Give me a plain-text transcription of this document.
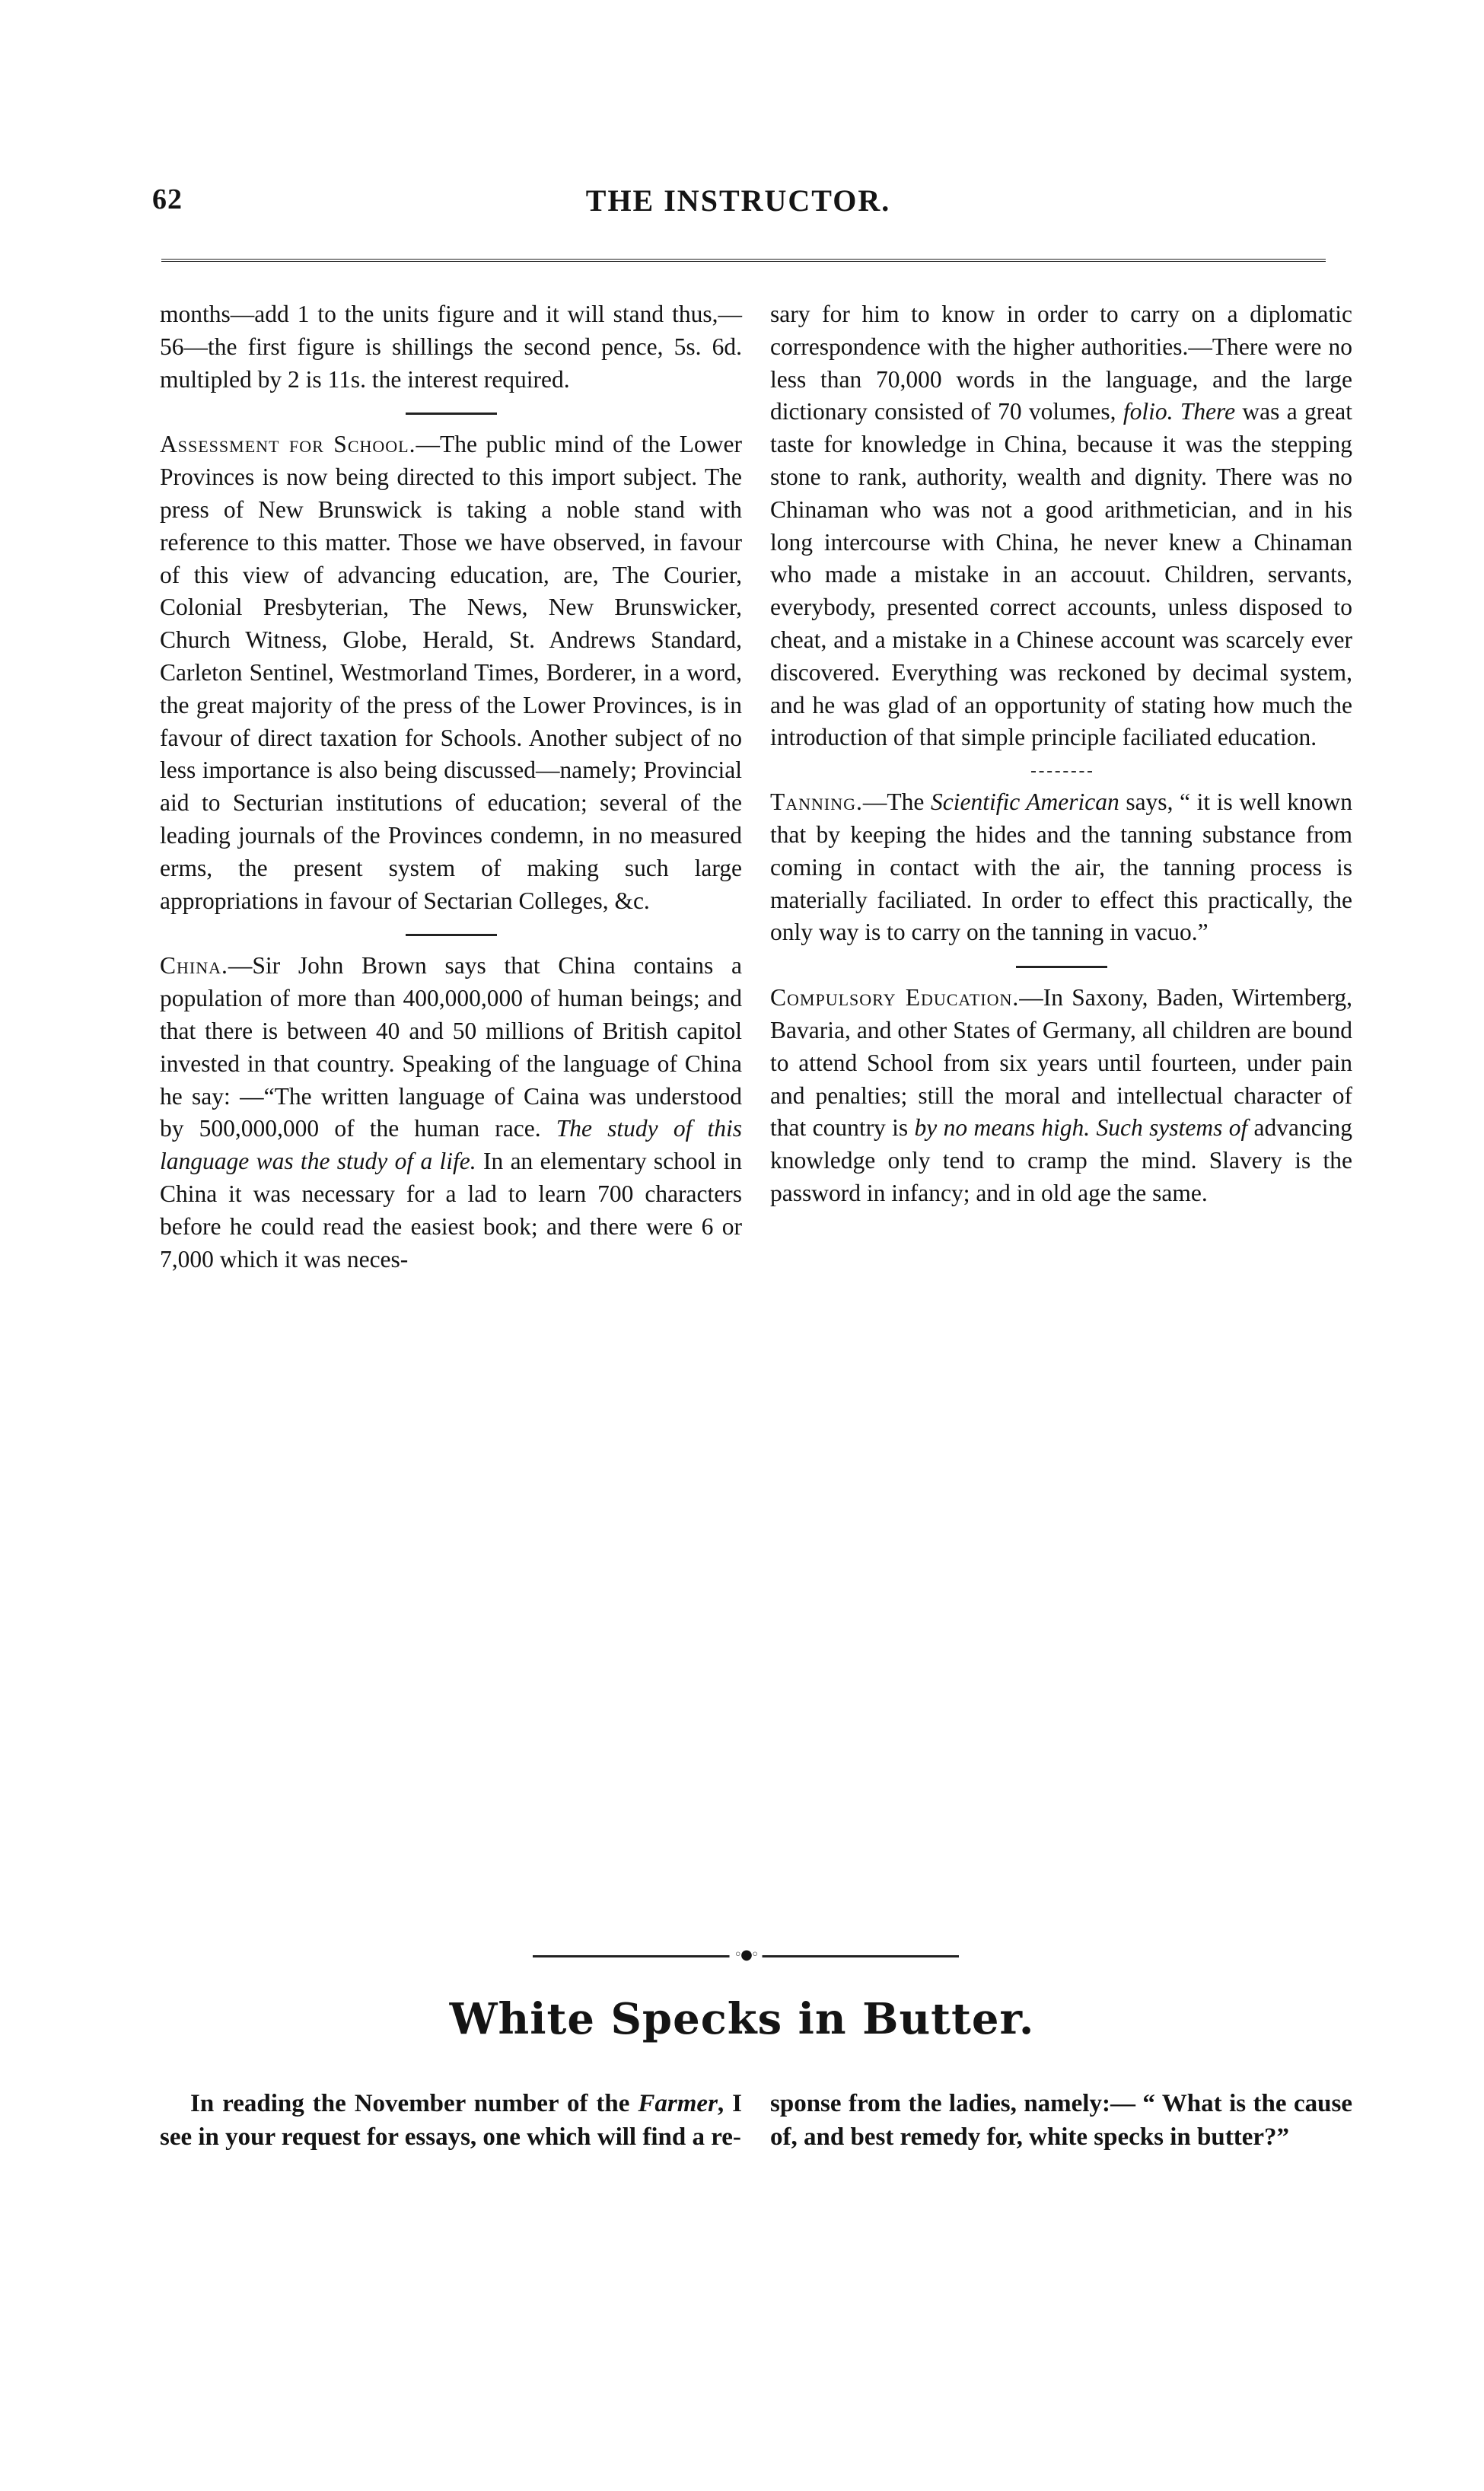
62	THE INSTRUCTOR.

months—add 1 to the units figure and it will stand thus,—56—the first figure is shillings the second pence, 5s. 6d. multipled by 2 is 11s. the interest required.

Assessment for School.—The public mind of the Lower Provinces is now being directed to this import subject. The press of New Brunswick is taking a noble stand with reference to this matter. Those we have observed, in favour of this view of advancing education, are, The Courier, Colonial Presbyterian, The News, New Brunswicker, Church Witness, Globe, Herald, St. Andrews Standard, Carleton Sentinel, Westmorland Times, Borderer, in a word, the great majority of the press of the Lower Provinces, is in favour of direct taxation for Schools. Another subject of no less importance is also being discussed—namely; Provincial aid to Secturian institutions of education; several of the leading journals of the Provinces condemn, in no measured erms, the present system of making such large appropriations in favour of Sectarian Colleges, &c.

China.—Sir John Brown says that China contains a population of more than 400,000,000 of human beings; and that there is between 40 and 50 millions of British capitol invested in that country. Speaking of the language of China he say: —“The written language of Caina was understood by 500,000,000 of the human race. The study of this language was the study of a life. In an elementary school in China it was necessary for a lad to learn 700 characters before he could read the easiest book; and there were 6 or 7,000 which it was neces-

sary for him to know in order to carry on a diplomatic correspondence with the higher authorities.—There were no less than 70,000 words in the language, and the large dictionary consisted of 70 volumes, folio. There was a great taste for knowledge in China, because it was the stepping stone to rank, authority, wealth and dignity. There was no Chinaman who was not a good arithmetician, and in his long intercourse with China, he never knew a Chinaman who made a mistake in an accouut. Children, servants, everybody, presented correct accounts, unless disposed to cheat, and a mistake in a Chinese account was scarcely ever discovered. Everything was reckoned by decimal system, and he was glad of an opportunity of stating how much the introduction of that simple principle faciliated education.

Tanning.—The Scientific American says, “ it is well known that by keeping the hides and the tanning substance from coming in contact with the air, the tanning process is materially faciliated. In order to effect this practically, the only way is to carry on the tanning in vacuo.”

Compulsory Education.—In Saxony, Baden, Wirtemberg, Bavaria, and other States of Germany, all children are bound to attend School from six years until fourteen, under pain and penalties; still the moral and intellectual character of that country is by no means high. Such systems of advancing knowledge only tend to cramp the mind. Slavery is the password in infancy; and in old age the same.

◦●◦
White Specks in Butter.
In reading the November number of the Farmer, I see in your request for essays, one which will find a re-
sponse from the ladies, namely:— “ What is the cause of, and best remedy for, white specks in butter?”
